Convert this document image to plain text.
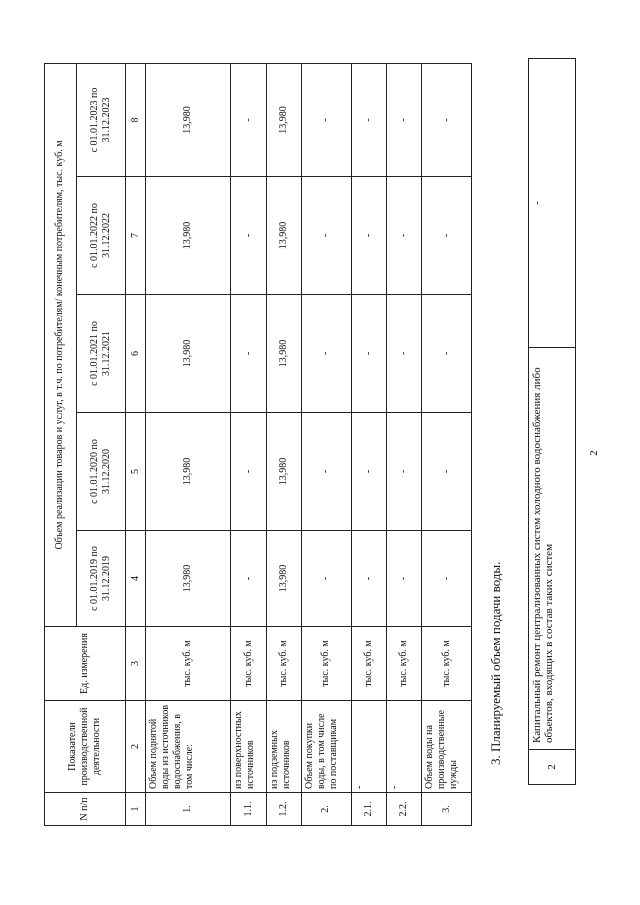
2
2	Капитальный ремонт централизованных систем холодного водоснабжения либо объектов, входящих в состав таких систем	-
3. Планируемый объем подачи воды.
N п/п	Показатели производственной деятельности	Ед. измерения	Объем реализации товаров и услуг, в т.ч. по потребителям/ конечным потребителям, тыс. куб. м				
			с 01.01.2019 по 31.12.2019	с 01.01.2020 по 31.12.2020	с 01.01.2021 по 31.12.2021	с 01.01.2022 по 31.12.2022	с 01.01.2023 по 31.12.2023
1	2	3	4	5	6	7	8
1.	Объем поднятой воды из источников водоснабжения, в том числе:	тыс. куб. м	13,980	13,980	13,980	13,980	13,980
1.1.	из поверхностных источников	тыс. куб. м	-	-	-	-	-
1.2.	из подземных источников	тыс. куб. м	13,980	13,980	13,980	13,980	13,980
2.	Объем покупки воды, в том числе по поставщикам	тыс. куб. м	-	-	-	-	-
2.1.	-	тыс. куб. м	-	-	-	-	-
2.2.	-	тыс. куб. м	-	-	-	-	-
3.	Объем воды на производственные нужды	тыс. куб. м	-	-	-	-	-
